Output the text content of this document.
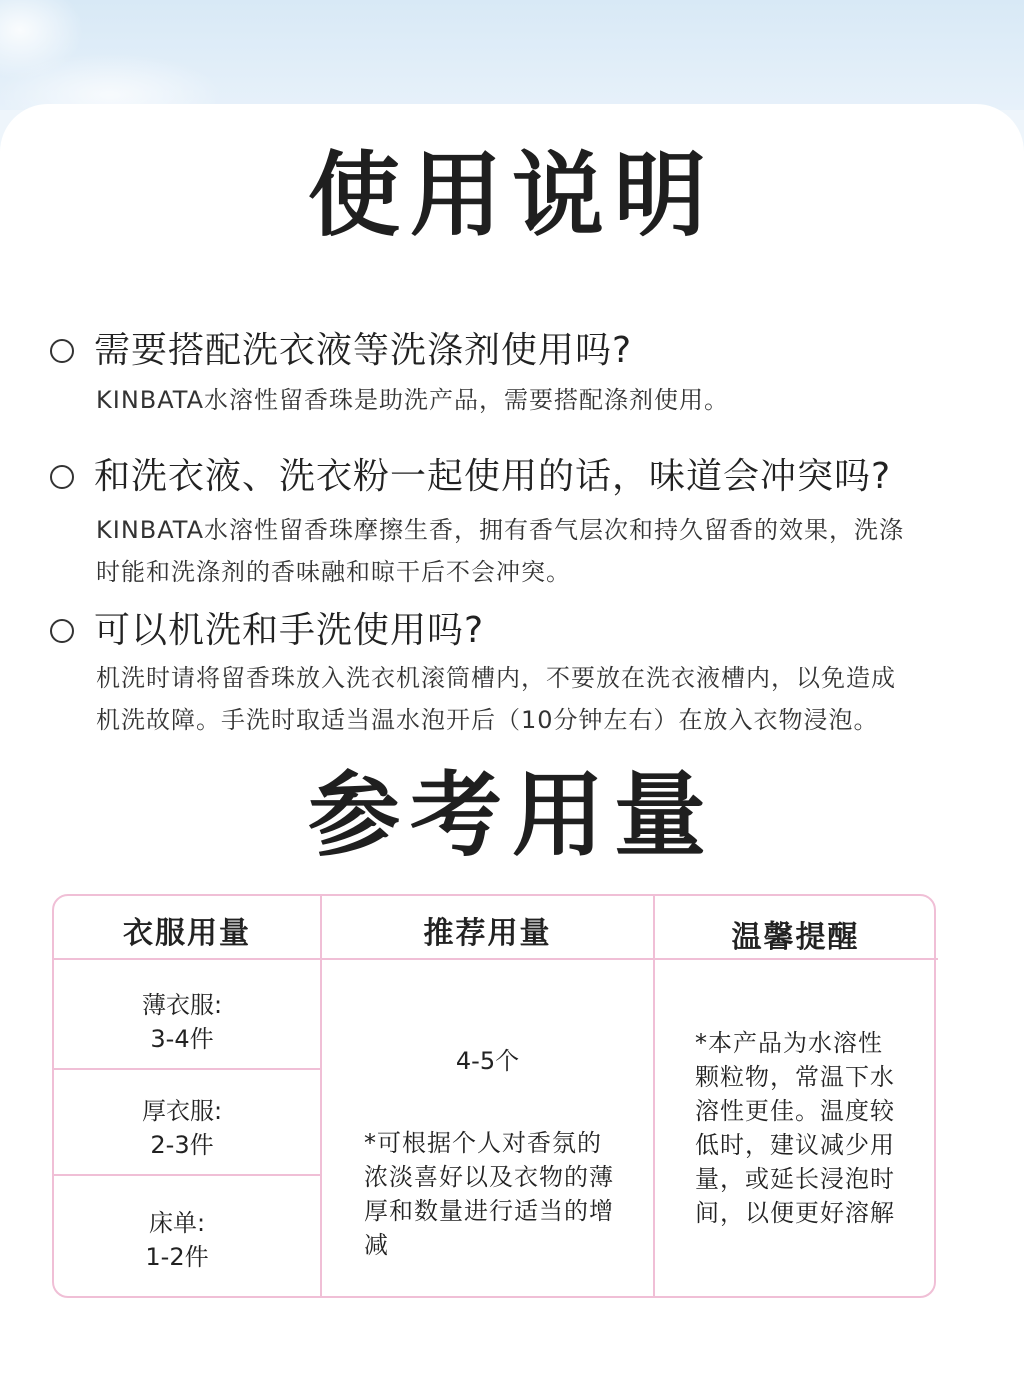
使用说明
需要搭配洗衣液等洗涤剂使用吗?
KINBATA水溶性留香珠是助洗产品，需要搭配涤剂使用。
和洗衣液、洗衣粉一起使用的话，味道会冲突吗?
KINBATA水溶性留香珠摩擦生香，拥有香气层次和持久留香的效果，洗涤
时能和洗涤剂的香味融和晾干后不会冲突。
可以机洗和手洗使用吗?
机洗时请将留香珠放入洗衣机滚筒槽内，不要放在洗衣液槽内，以免造成
机洗故障。手洗时取适当温水泡开后（10分钟左右）在放入衣物浸泡。
参考用量
衣服用量	推荐用量	温馨提醒
薄衣服:
3-4件
厚衣服:
2-3件
床单:
1-2件
4-5个
*可根据个人对香氛的
浓淡喜好以及衣物的薄
厚和数量进行适当的增
减
*本产品为水溶性
颗粒物，常温下水
溶性更佳。温度较
低时，建议减少用
量，或延长浸泡时
间，以便更好溶解
